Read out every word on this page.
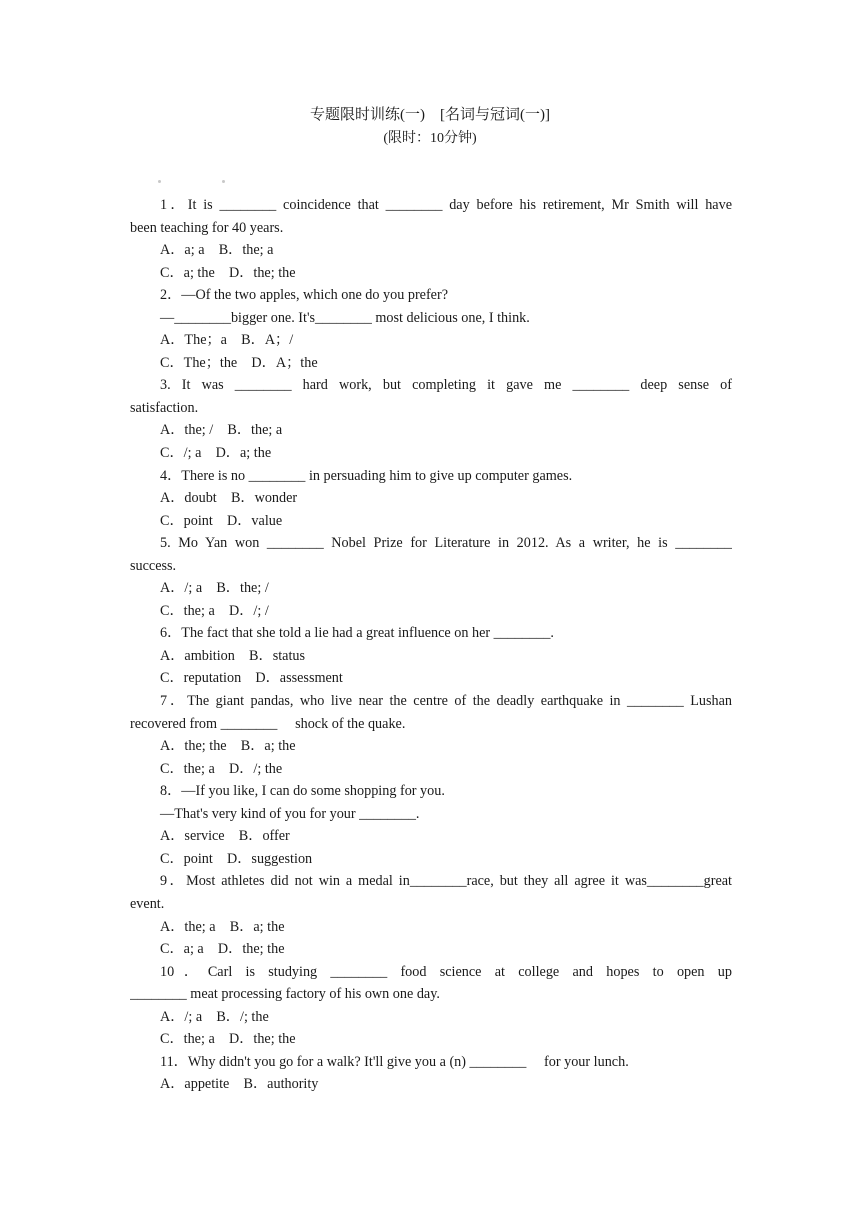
专题限时训练(一)　[名词与冠词(一)]
(限时：10分钟)
1．It is ________ coincidence that ________ day before his retirement, Mr Smith will have
been teaching for 40 years.
A．a; a    B．the; a
C．a; the    D．the; the
2．—Of the two apples, which one do you prefer?
—________bigger one. It's________ most delicious one, I think.
A．The；a    B．A；/
C．The；the    D．A；the
3. It was ________ hard work, but completing it gave me ________ deep sense of
satisfaction.
A．the; /    B．the; a
C．/; a    D．a; the
4．There is no ________ in persuading him to give up computer games.
A．doubt    B．wonder
C．point    D．value
5. Mo Yan won ________ Nobel Prize for Literature in 2012. As a writer, he is ________
success.
A．/; a    B．the; /
C．the; a    D．/; /
6．The fact that she told a lie had a great influence on her ________.
A．ambition    B．status
C．reputation    D．assessment
7．The giant pandas, who live near the centre of the deadly earthquake in ________ Lushan
recovered from ________     shock of the quake.
A．the; the    B．a; the
C．the; a    D．/; the
8．—If you like, I can do some shopping for you.
—That's very kind of you for your ________.
A．service    B．offer
C．point    D．suggestion
9．Most athletes did not win a medal in________race, but they all agree it was________great
event.
A．the; a    B．a; the
C．a; a    D．the; the
10．Carl is studying ________ food science at college and hopes to open up
________ meat processing factory of his own one day.
A．/; a    B．/; the
C．the; a    D．the; the
11．Why didn't you go for a walk? It'll give you a (n) ________     for your lunch.
A．appetite    B．authority
